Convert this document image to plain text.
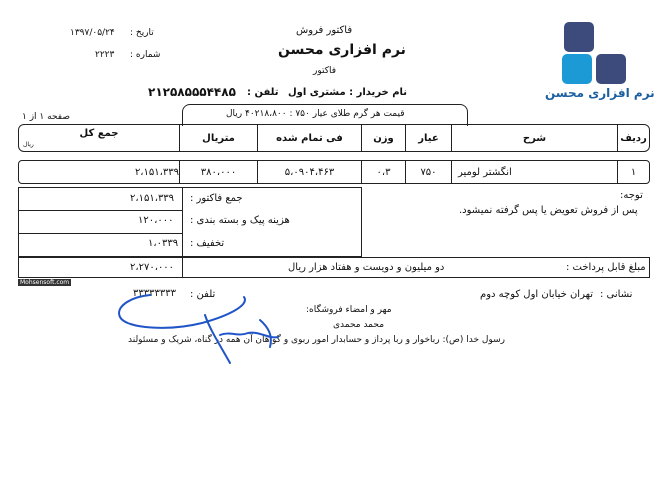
نرم افزاری محسن
فاکتور فروش
نرم افزاری محسن
فاکتور
تاریخ :
۱۳۹۷/۰۵/۲۴
شماره :
۲۲۲۳
نام خریدار : مشتری اول
تلفن :
۲۱۲۵۸۵۵۵۴۴۸۵
قیمت هر گرم طلای عیار ۷۵۰ : ۴۰۲۱۸،۸۰۰ ریال
صفحه ۱ از ۱
ردیف
شرح
عیار
وزن
فی تمام شده
متریال
جمع کل
ریال
۱
انگشتر لومیر
۷۵۰
۰،۳
۵،۰۹۰۴،۴۶۳
۳۸۰،۰۰۰
۲،۱۵۱،۳۳۹
جمع فاکتور :
۲،۱۵۱،۳۳۹
هزینه پیک و بسته بندی :
۱۲۰،۰۰۰
تخفیف :
۱،۰۳۳۹
توجه:
پس از فروش تعویض یا پس گرفته نمیشود.
مبلغ قابل پرداخت :
دو میلیون و دویست و هفتاد هزار ریال
۲،۲۷۰،۰۰۰
Mohsensoft.com
نشانی :
تهران خیابان اول کوچه دوم
تلفن :
۳۳۳۳۳۳۳۳
مهر و امضاء فروشگاه:
محمد محمدی
رسول خدا (ص): رباخوار و ربا پرداز و حسابدار امور ربوی و گواهان آن همه در گناه، شریک و مسئولند
